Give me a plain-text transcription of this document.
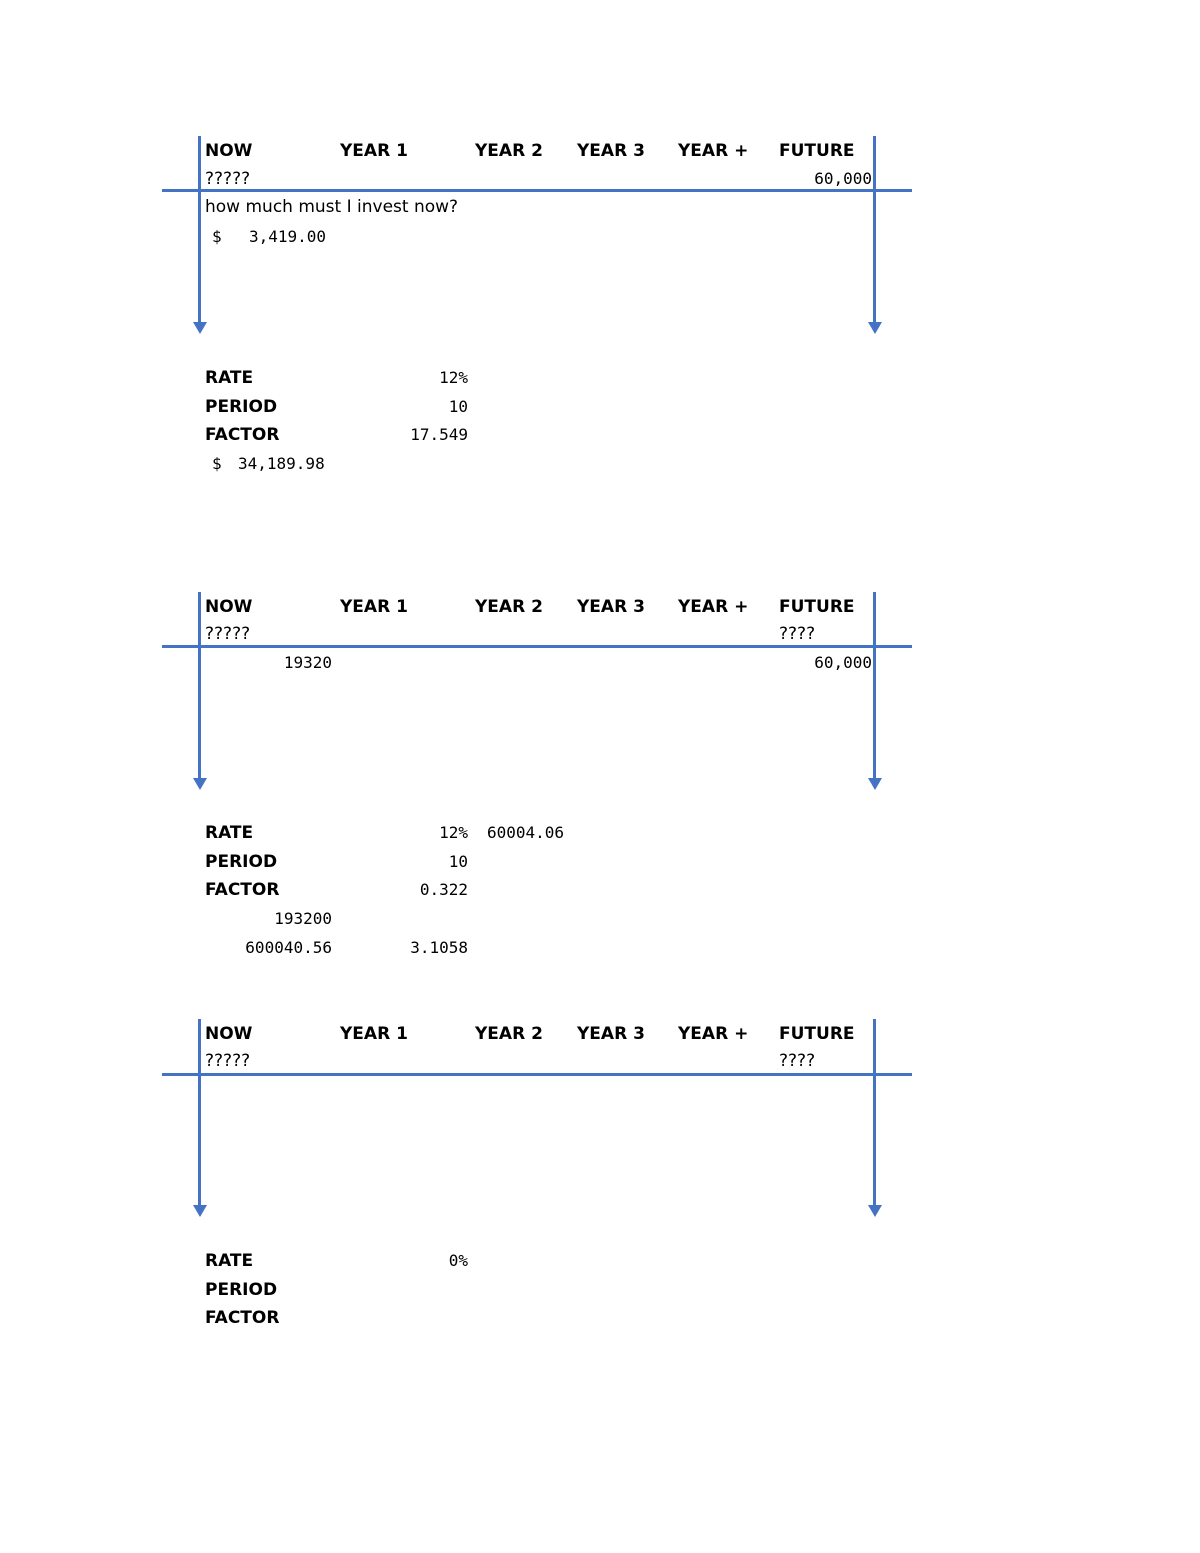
NOW	YEAR 1	YEAR 2 YEAR 3 YEAR + FUTURE
?????	60,000
how much must I invest now?
$ 3,419.00
RATE	12%
PERIOD	10
FACTOR	17.549
$ 34,189.98
NOW	YEAR 1	YEAR 2 YEAR 3 YEAR + FUTURE
?????	????
19320	60,000
RATE	12% 60004.06
PERIOD	10
FACTOR	0.322
193200
600040.56	3.1058
NOW	YEAR 1	YEAR 2 YEAR 3 YEAR + FUTURE
?????	????
RATE	0%
PERIOD
FACTOR
